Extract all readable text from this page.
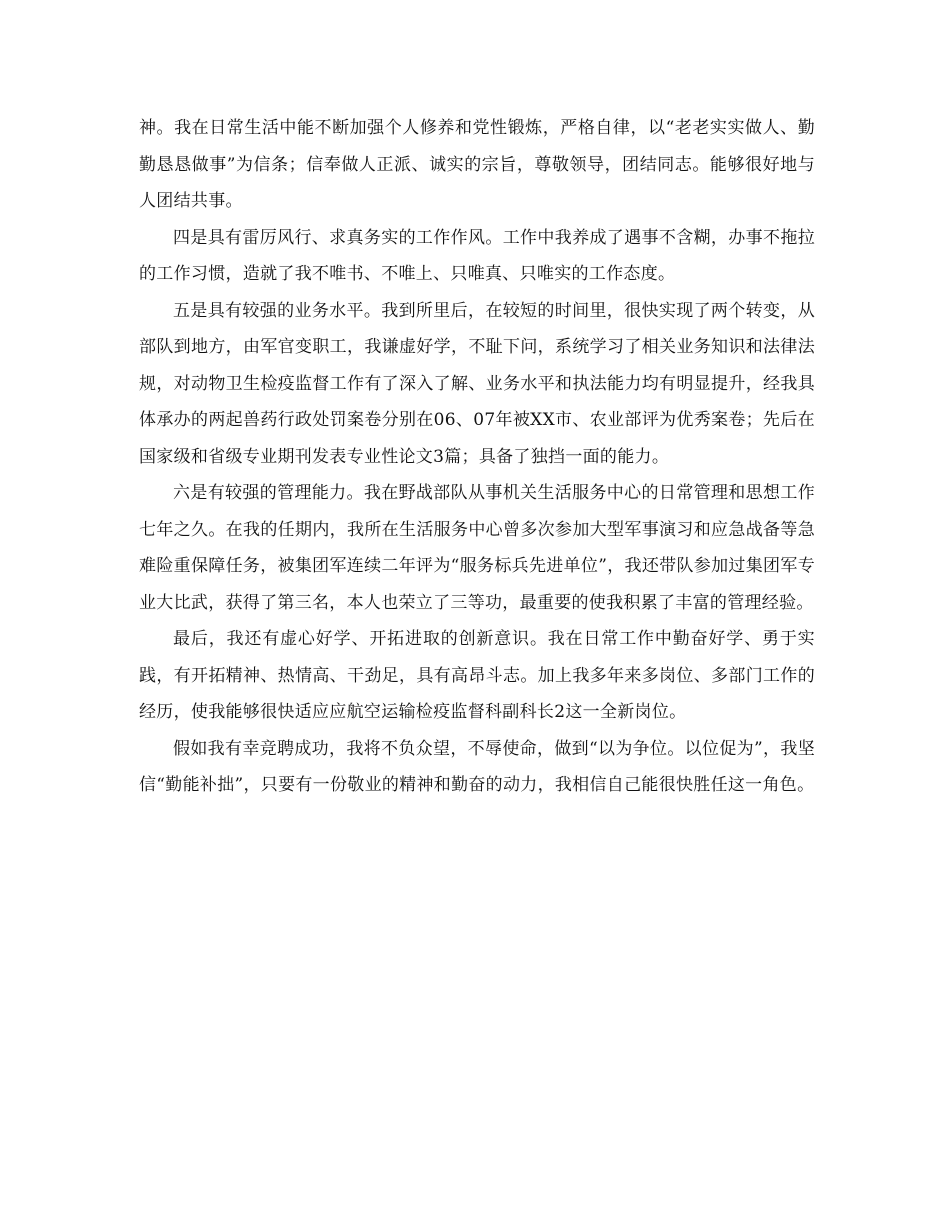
神。我在日常生活中能不断加强个人修养和党性锻炼，严格自律，以“老老实实做人、勤勤恳恳做事”为信条；信奉做人正派、诚实的宗旨，尊敬领导，团结同志。能够很好地与人团结共事。

四是具有雷厉风行、求真务实的工作作风。工作中我养成了遇事不含糊，办事不拖拉的工作习惯，造就了我不唯书、不唯上、只唯真、只唯实的工作态度。

五是具有较强的业务水平。我到所里后，在较短的时间里，很快实现了两个转变，从部队到地方，由军官变职工，我谦虚好学，不耻下问，系统学习了相关业务知识和法律法规，对动物卫生检疫监督工作有了深入了解、业务水平和执法能力均有明显提升，经我具体承办的两起兽药行政处罚案卷分别在06、07年被XX市、农业部评为优秀案卷；先后在国家级和省级专业期刊发表专业性论文3篇；具备了独挡一面的能力。

六是有较强的管理能力。我在野战部队从事机关生活服务中心的日常管理和思想工作七年之久。在我的任期内，我所在生活服务中心曾多次参加大型军事演习和应急战备等急难险重保障任务，被集团军连续二年评为“服务标兵先进单位”，我还带队参加过集团军专业大比武，获得了第三名，本人也荣立了三等功，最重要的使我积累了丰富的管理经验。

最后，我还有虚心好学、开拓进取的创新意识。我在日常工作中勤奋好学、勇于实践，有开拓精神、热情高、干劲足，具有高昂斗志。加上我多年来多岗位、多部门工作的经历，使我能够很快适应应航空运输检疫监督科副科长2这一全新岗位。

假如我有幸竞聘成功，我将不负众望，不辱使命，做到“以为争位。以位促为”，我坚信“勤能补拙”，只要有一份敬业的精神和勤奋的动力，我相信自己能很快胜任这一角色。
